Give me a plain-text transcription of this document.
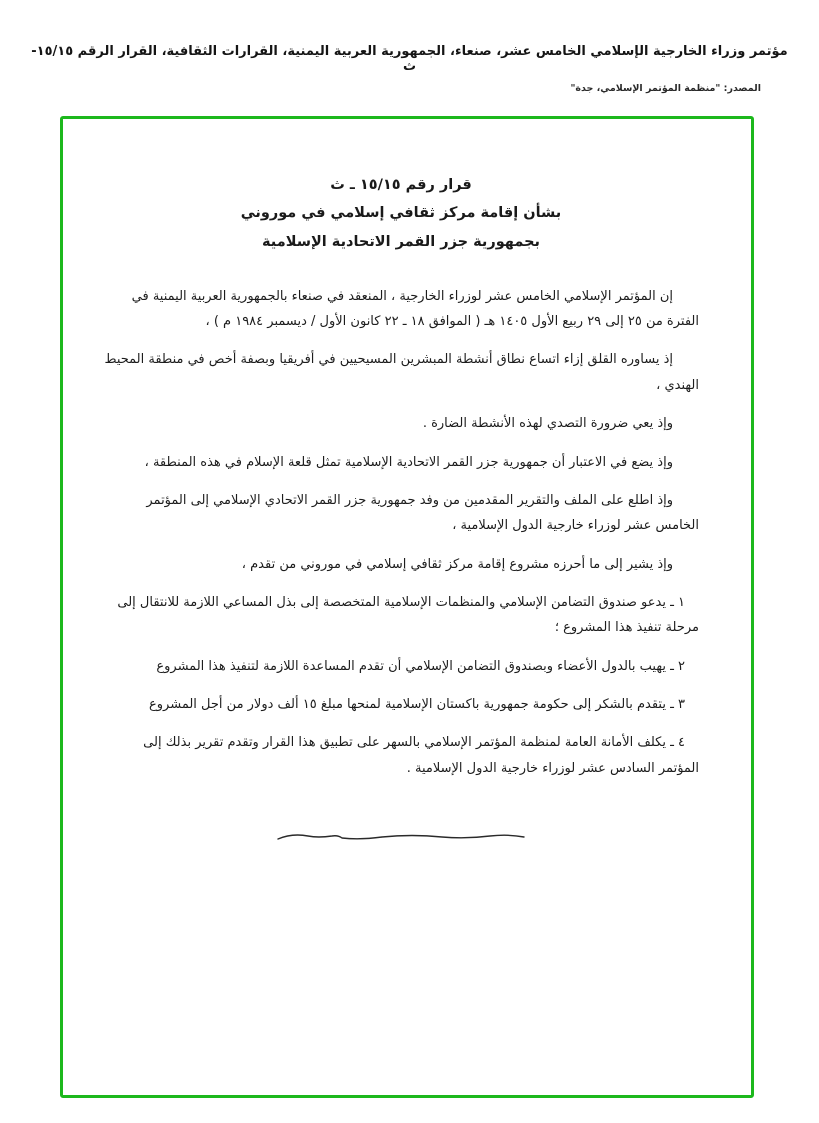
مؤتمر وزراء الخارجية الإسلامي الخامس عشر، صنعاء، الجمهورية العربية اليمنية، القرارات الثقافية، القرار الرقم ١٥/١٥-ث
المصدر: "منظمة المؤتمر الإسلامي، جدة"
قرار رقم ١٥/١٥ ـ ث
بشأن إقامة مركز ثقافي إسلامي في موروني
بجمهورية جزر القمر الاتحادية الإسلامية

إن المؤتمر الإسلامي الخامس عشر لوزراء الخارجية ، المنعقد في صنعاء بالجمهورية العربية اليمنية في الفترة من ٢٥ إلى ٢٩ ربيع الأول ١٤٠٥ هـ ( الموافق ١٨ ـ ٢٢ كانون الأول / ديسمبر ١٩٨٤ م ) ،

إذ يساوره القلق إزاء اتساع نطاق أنشطة المبشرين المسيحيين في أفريقيا وبصفة أخص في منطقة المحيط الهندي ،

وإذ يعي ضرورة التصدي لهذه الأنشطة الضارة .

وإذ يضع في الاعتبار أن جمهورية جزر القمر الاتحادية الإسلامية تمثل قلعة الإسلام في هذه المنطقة ،

وإذ اطلع على الملف والتقرير المقدمين من وفد جمهورية جزر القمر الاتحادي الإسلامي إلى المؤتمر الخامس عشر لوزراء خارجية الدول الإسلامية ،

وإذ يشير إلى ما أحرزه مشروع إقامة مركز ثقافي إسلامي في موروني من تقدم ،

١ ـ يدعو صندوق التضامن الإسلامي والمنظمات الإسلامية المتخصصة إلى بذل المساعي اللازمة للانتقال إلى مرحلة تنفيذ هذا المشروع ؛

٢ ـ يهيب بالدول الأعضاء وبصندوق التضامن الإسلامي أن تقدم المساعدة اللازمة لتنفيذ هذا المشروع

٣ ـ يتقدم بالشكر إلى حكومة جمهورية باكستان الإسلامية لمنحها مبلغ ١٥ ألف دولار من أجل المشروع

٤ ـ يكلف الأمانة العامة لمنظمة المؤتمر الإسلامي بالسهر على تطبيق هذا القرار وتقدم تقرير بذلك إلى المؤتمر السادس عشر لوزراء خارجية الدول الإسلامية .
